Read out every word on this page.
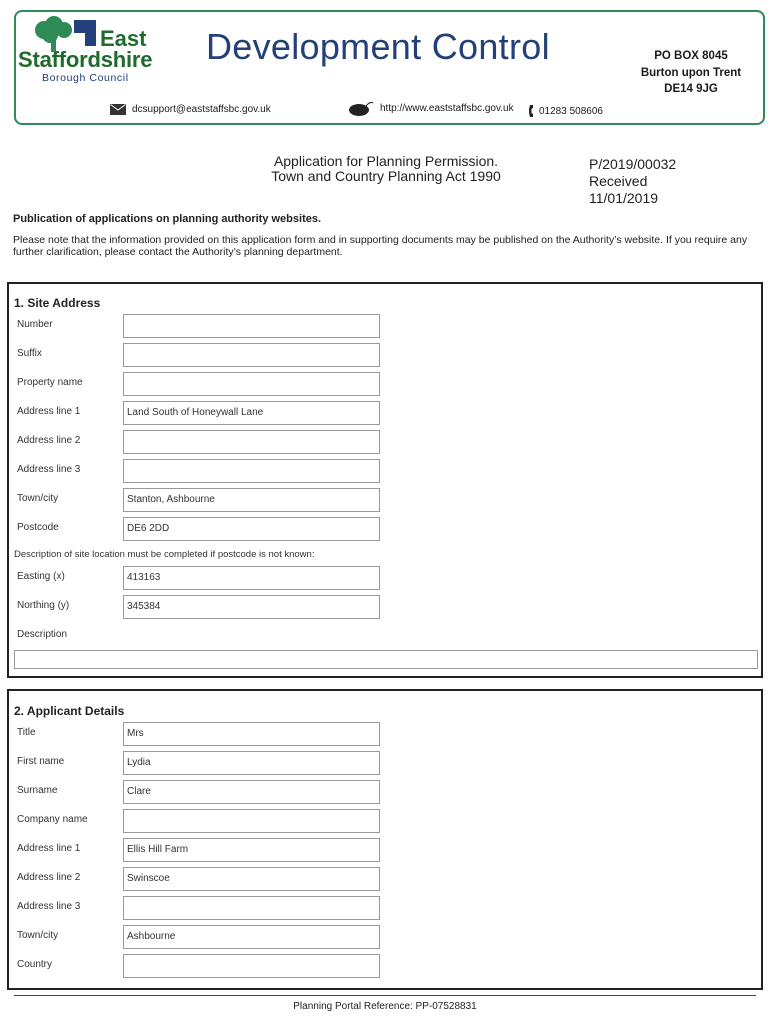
East
Staffordshire
Borough Council
Development Control	PO BOX 8045
Burton upon Trent
DE14 9JG
dcsupport@eaststaffsbc.gov.uk	http://www.eaststaffsbc.gov.uk	01283 508606
Application for Planning Permission.
Town and Country Planning Act 1990
P/2019/00032
Received
11/01/2019
Publication of applications on planning authority websites.
Please note that the information provided on this application form and in supporting documents may be published on the Authority’s website. If you require any further clarification, please contact the Authority’s planning department.
1. Site Address
Number
Suffix
Property name
Address line 1	Land South of Honeywall Lane
Address line 2
Address line 3
Town/city	Stanton, Ashbourne
Postcode	DE6 2DD
Description of site location must be completed if postcode is not known:
Easting (x)	413163
Northing (y)	345384
Description
2. Applicant Details
Title	Mrs
First name	Lydia
Surname	Clare
Company name
Address line 1	Ellis Hill Farm
Address line 2	Swinscoe
Address line 3
Town/city	Ashbourne
Country
Planning Portal Reference: PP-07528831
